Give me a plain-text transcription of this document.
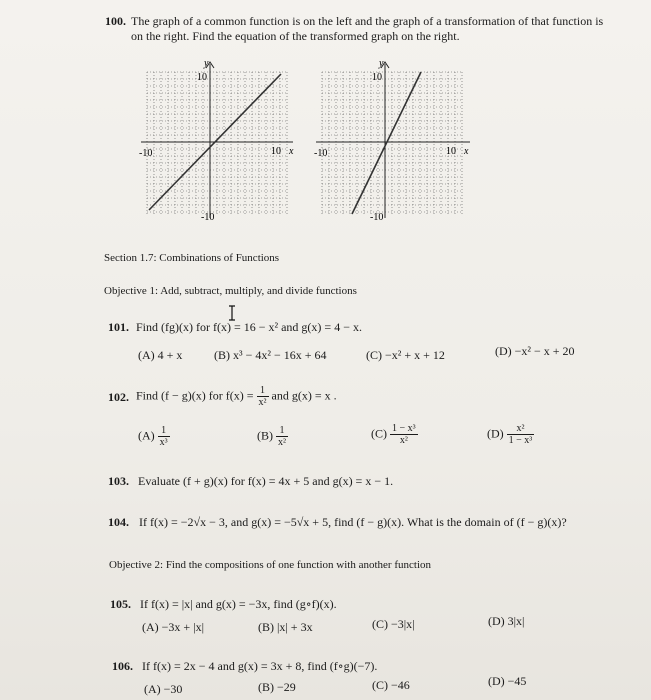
100. The graph of a common function is on the left and the graph of a transformation of that function is
on the right. Find the equation of the transformed graph on the right.
y
10
-10
-10	10 x
y
10
-10
-10	10 x
Section 1.7: Combinations of Functions
Objective 1: Add, subtract, multiply, and divide functions
101. Find (fg)(x) for f(x) = 16 − x² and g(x) = 4 − x.
(A) 4 + x	(B) x³ − 4x² − 16x + 64	(C) −x² + x + 12	(D) −x² − x + 20
102. Find (f − g)(x) for $f(x) = \frac{1}{\text{x²}}$ and g(x) = x .
$(A) \frac{1}{\text{x³}}$	$(B) \frac{1}{\text{x²}}$	$(C) \frac{\text{1 − x³}}{\text{x²}}$	$(D) \frac{\text{x²}}{\text{1 − x³}}$
103. Evaluate (f + g)(x) for f(x) = 4x + 5 and g(x) = x − 1.
104. If f(x) = −2√x − 3, and g(x) = −5√x + 5, find (f − g)(x). What is the domain of (f − g)(x)?
Objective 2: Find the compositions of one function with another function
105. If f(x) = |x| and g(x) = −3x, find (g∘f)(x).
(A) −3x + |x|	(B) |x| + 3x	(C) −3|x|	(D) 3|x|
106. If f(x) = 2x − 4 and g(x) = 3x + 8, find (f∘g)(−7).
(A) −30	(B) −29	(C) −46	(D) −45
